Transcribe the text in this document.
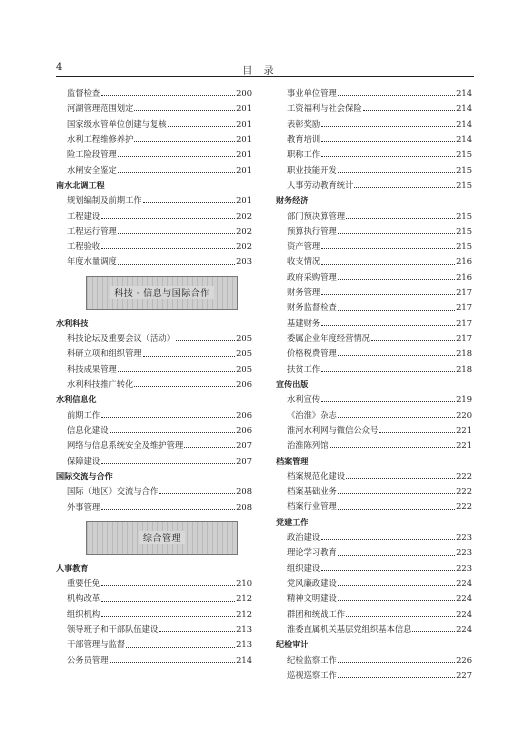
4	目 录
监督检查	200
河湖管理范围划定	201
国家级水管单位创建与复核	201
水利工程维修养护	201
险工险段管理	201
水闸安全鉴定	201
南水北调工程
规划编制及前期工作	201
工程建设	202
工程运行管理	202
工程验收	202
年度水量调度	203
科技 · 信息与国际合作
水利科技
科技论坛及重要会议（活动）	205
科研立项和组织管理	205
科技成果管理	205
水利科技推广转化	206
水利信息化
前期工作	206
信息化建设	206
网络与信息系统安全及维护管理	207
保障建设	207
国际交流与合作
国际（地区）交流与合作	208
外事管理	208
综合管理
人事教育
重要任免	210
机构改革	212
组织机构	212
领导班子和干部队伍建设	213
干部管理与监督	213
公务员管理	214
事业单位管理	214
工资福利与社会保险	214
表彰奖励	214
教育培训	214
职称工作	215
职业技能开发	215
人事劳动教育统计	215
财务经济
部门预决算管理	215
预算执行管理	215
资产管理	215
收支情况	216
政府采购管理	216
财务管理	217
财务监督检查	217
基建财务	217
委属企业年度经营情况	217
价格税费管理	218
扶贫工作	218
宣传出版
水利宣传	219
《治淮》杂志	220
淮河水利网与微信公众号	221
治淮陈列馆	221
档案管理
档案规范化建设	222
档案基础业务	222
档案行业管理	222
党建工作
政治建设	223
理论学习教育	223
组织建设	223
党风廉政建设	224
精神文明建设	224
群团和统战工作	224
淮委直属机关基层党组织基本信息	224
纪检审计
纪检监察工作	226
巡视巡察工作	227
